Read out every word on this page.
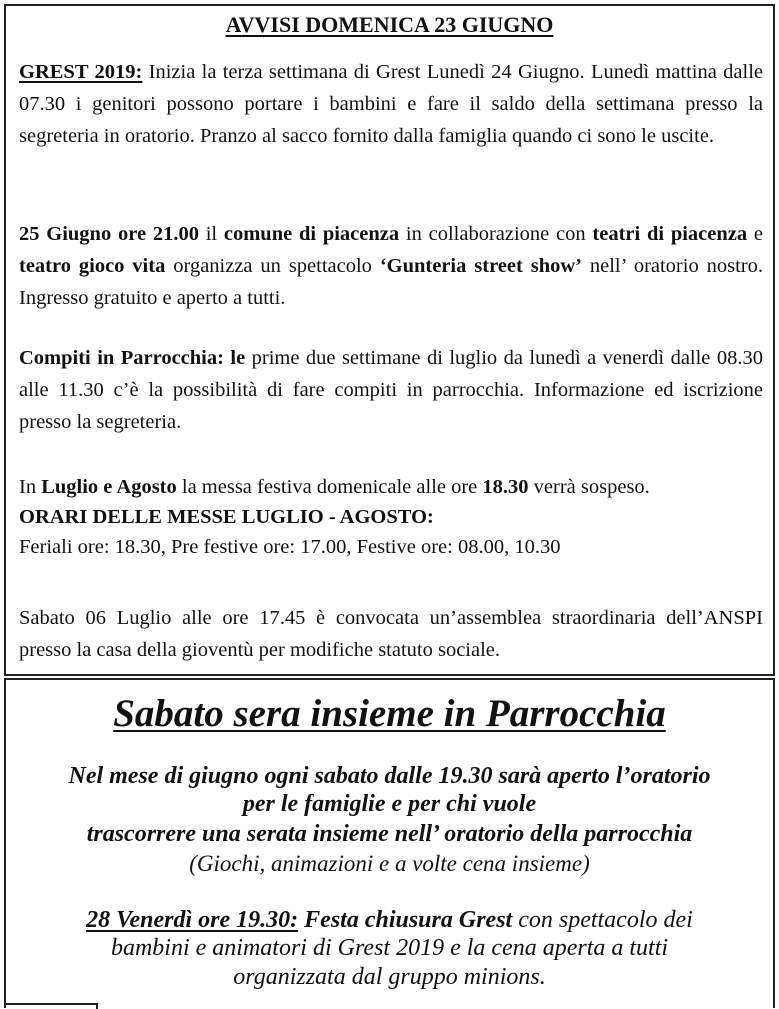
AVVISI DOMENICA 23 GIUGNO
GREST 2019: Inizia la terza settimana di Grest Lunedì 24 Giugno. Lunedì mattina dalle 07.30 i genitori possono portare i bambini e fare il saldo della settimana presso la segreteria in oratorio. Pranzo al sacco fornito dalla famiglia quando ci sono le uscite.
25 Giugno ore 21.00 il comune di piacenza in collaborazione con teatri di piacenza e teatro gioco vita organizza un spettacolo ‘Gunteria street show’ nell’ oratorio nostro. Ingresso gratuito e aperto a tutti.
Compiti in Parrocchia: le prime due settimane di luglio da lunedì a venerdì dalle 08.30 alle 11.30 c’è la possibilità di fare compiti in parrocchia. Informazione ed iscrizione presso la segreteria.
In Luglio e Agosto la messa festiva domenicale alle ore 18.30 verrà sospeso.
ORARI DELLE MESSE LUGLIO - AGOSTO:
Feriali ore: 18.30, Pre festive ore: 17.00, Festive ore: 08.00, 10.30
Sabato 06 Luglio alle ore 17.45 è convocata un’assemblea straordinaria dell’ANSPI presso la casa della gioventù per modifiche statuto sociale.
Sabato sera insieme in Parrocchia
Nel mese di giugno ogni sabato dalle 19.30 sarà aperto l’oratorio
per le famiglie e per chi vuole
trascorrere una serata insieme nell’ oratorio della parrocchia
(Giochi, animazioni e a volte cena insieme)
28 Venerdì ore 19.30: Festa chiusura Grest con spettacolo dei
bambini e animatori di Grest 2019 e la cena aperta a tutti
organizzata dal gruppo minions.
